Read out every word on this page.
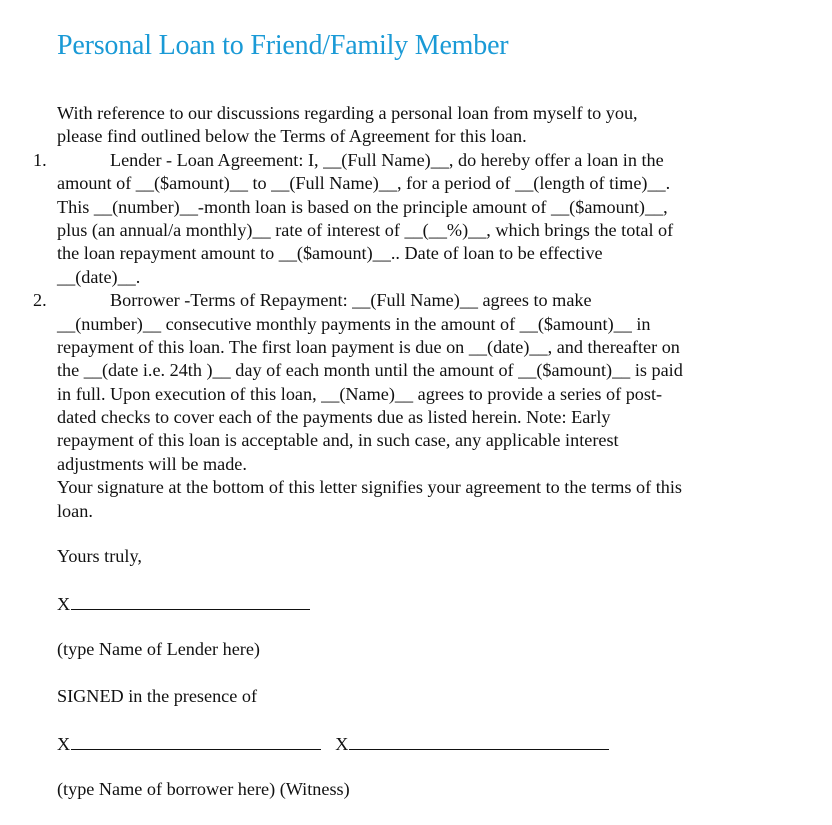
Personal Loan to Friend/Family Member
With reference to our discussions regarding a personal loan from myself to you,
please find outlined below the Terms of Agreement for this loan.
1.	Lender - Loan Agreement: I, __(Full Name)__, do hereby offer a loan in the
amount of __($amount)__ to __(Full Name)__, for a period of __(length of time)__.
This __(number)__-month loan is based on the principle amount of __($amount)__,
plus (an annual/a monthly)__ rate of interest of __(__%)__, which brings the total of
the loan repayment amount to __($amount)__.. Date of loan to be effective
__(date)__.
2.	Borrower -Terms of Repayment: __(Full Name)__ agrees to make
__(number)__ consecutive monthly payments in the amount of __($amount)__ in
repayment of this loan. The first loan payment is due on __(date)__, and thereafter on
the __(date i.e. 24th )__ day of each month until the amount of __($amount)__ is paid
in full. Upon execution of this loan, __(Name)__ agrees to provide a series of post-
dated checks to cover each of the payments due as listed herein. Note: Early
repayment of this loan is acceptable and, in such case, any applicable interest
adjustments will be made.
Your signature at the bottom of this letter signifies your agreement to the terms of this
loan.
Yours truly,
X
(type Name of Lender here)
SIGNED in the presence of
X	X
(type Name of borrower here) (Witness)
